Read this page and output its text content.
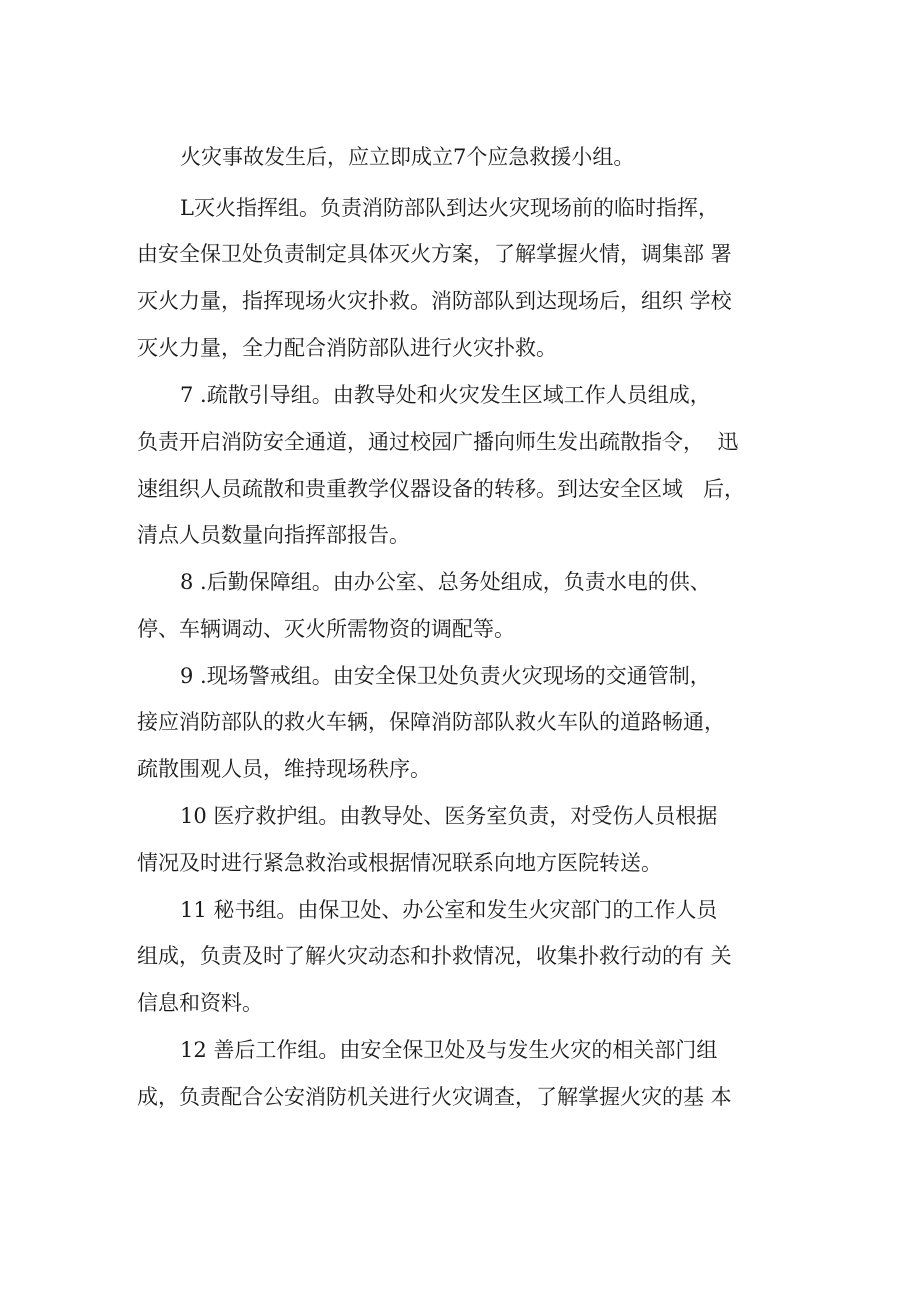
火灾事故发生后，应立即成立7个应急救援小组。
L灭火指挥组。负责消防部队到达火灾现场前的临时指挥，
由安全保卫处负责制定具体灭火方案，了解掌握火情，调集部 署
灭火力量，指挥现场火灾扑救。消防部队到达现场后，组织 学校
灭火力量，全力配合消防部队进行火灾扑救。
7 .疏散引导组。由教导处和火灾发生区域工作人员组成，
负责开启消防安全通道，通过校园广播向师生发出疏散指令，  迅
速组织人员疏散和贵重教学仪器设备的转移。到达安全区域   后，
清点人员数量向指挥部报告。
8 .后勤保障组。由办公室、总务处组成，负责水电的供、
停、车辆调动、灭火所需物资的调配等。
9 .现场警戒组。由安全保卫处负责火灾现场的交通管制，
接应消防部队的救火车辆，保障消防部队救火车队的道路畅通，
疏散围观人员，维持现场秩序。
10 医疗救护组。由教导处、医务室负责，对受伤人员根据
情况及时进行紧急救治或根据情况联系向地方医院转送。
11 秘书组。由保卫处、办公室和发生火灾部门的工作人员
组成，负责及时了解火灾动态和扑救情况，收集扑救行动的有 关
信息和资料。
12 善后工作组。由安全保卫处及与发生火灾的相关部门组
成，负责配合公安消防机关进行火灾调查，了解掌握火灾的基 本
